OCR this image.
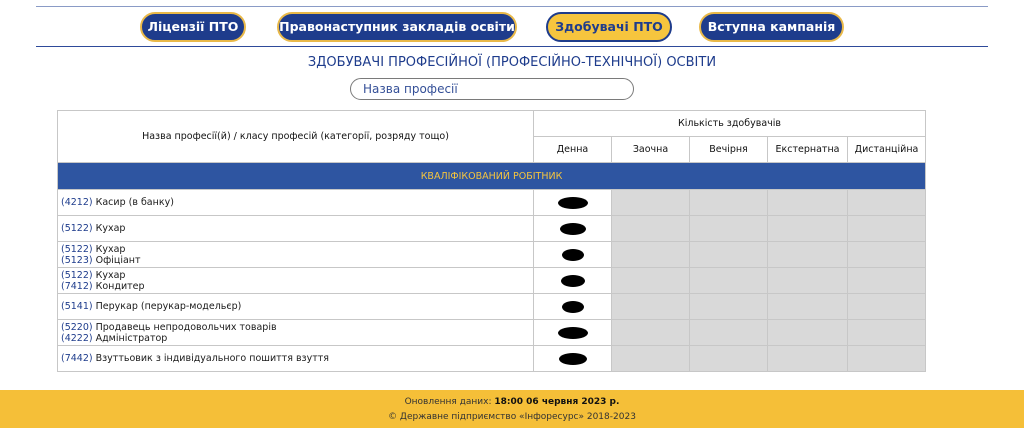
Ліцензії ПТО	Правонаступник закладів освіти	Здобувачі ПТО	Вступна кампанія
ЗДОБУВАЧІ ПРОФЕСІЙНОЇ (ПРОФЕСІЙНО-ТЕХНІЧНОЇ) ОСВІТИ
Назва професії
Назва професії(й) / класу професій (категорії, розряду тощо)	Кількість здобувачів				
	Денна	Заочна	Вечірня	Екстернатна	Дистанційна
КВАЛІФІКОВАНИЙ РОБІТНИК					
(4212) Касир (в банку)	

(5122) Кухар	

(5122) Кухар
(5123) Офіціант	

(5122) Кухар
(7412) Кондитер	

(5141) Перукар (перукар-модельєр)	

(5220) Продавець непродовольчих товарів
(4222) Адміністратор	

(7442) Взуттьовик з індивідуального пошиття взуття	

Оновлення даних: 18:00 06 червня 2023 р.
© Державне підприємство «Інфоресурс» 2018-2023
